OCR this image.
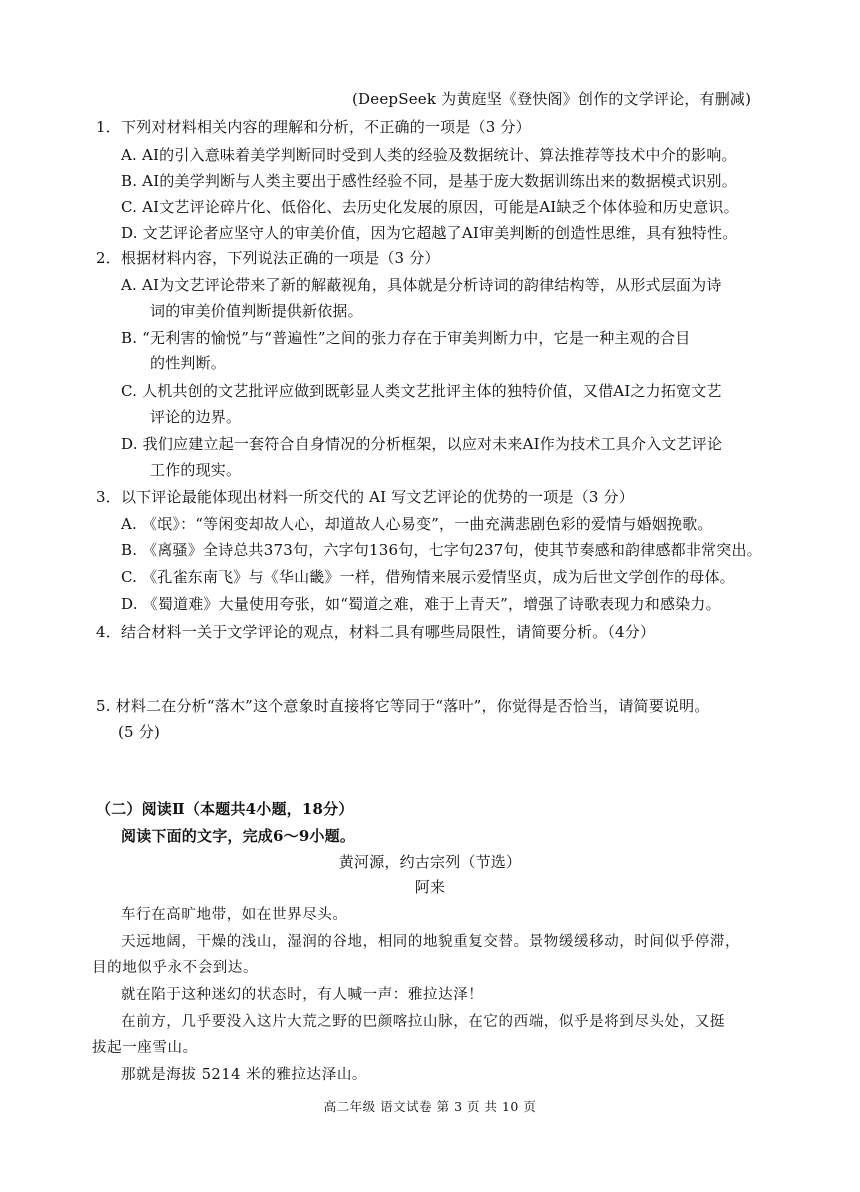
(DeepSeek 为黄庭坚《登快阁》创作的文学评论，有删减)
1．下列对材料相关内容的理解和分析，不正确的一项是（3 分）
A. AI的引入意味着美学判断同时受到人类的经验及数据统计、算法推荐等技术中介的影响。
B. AI的美学判断与人类主要出于感性经验不同，是基于庞大数据训练出来的数据模式识别。
C. AI文艺评论碎片化、低俗化、去历史化发展的原因，可能是AI缺乏个体体验和历史意识。
D. 文艺评论者应坚守人的审美价值，因为它超越了AI审美判断的创造性思维，具有独特性。
2．根据材料内容，下列说法正确的一项是（3 分）
A. AI为文艺评论带来了新的解蔽视角，具体就是分析诗词的韵律结构等，从形式层面为诗
词的审美价值判断提供新依据。
B. “无利害的愉悦”与“普遍性”之间的张力存在于审美判断力中，它是一种主观的合目
的性判断。
C. 人机共创的文艺批评应做到既彰显人类文艺批评主体的独特价值，又借AI之力拓宽文艺
评论的边界。
D. 我们应建立起一套符合自身情况的分析框架，以应对未来AI作为技术工具介入文艺评论
工作的现实。
3．以下评论最能体现出材料一所交代的 AI 写文艺评论的优势的一项是（3 分）
A. 《氓》：“等闲变却故人心，却道故人心易变”，一曲充满悲剧色彩的爱情与婚姻挽歌。
B. 《离骚》全诗总共373句，六字句136句，七字句237句，使其节奏感和韵律感都非常突出。
C. 《孔雀东南飞》与《华山畿》一样，借殉情来展示爱情坚贞，成为后世文学创作的母体。
D. 《蜀道难》大量使用夸张，如“蜀道之难，难于上青天”，增强了诗歌表现力和感染力。
4．结合材料一关于文学评论的观点，材料二具有哪些局限性，请简要分析。（4分）
5. 材料二在分析“落木”这个意象时直接将它等同于“落叶”，你觉得是否恰当，请简要说明。
(5 分)
（二）阅读Ⅱ（本题共4小题，18分）
阅读下面的文字，完成6～9小题。
黄河源，约古宗列（节选）
阿来
车行在高旷地带，如在世界尽头。
天远地阔，干燥的浅山，湿润的谷地，相同的地貌重复交替。景物缓缓移动，时间似乎停滞，
目的地似乎永不会到达。
就在陷于这种迷幻的状态时，有人喊一声：雅拉达泽！
在前方，几乎要没入这片大荒之野的巴颜喀拉山脉，在它的西端，似乎是将到尽头处，又挺
拔起一座雪山。
那就是海拔 5214 米的雅拉达泽山。
高二年级 语文试卷 第 3 页 共 10 页
